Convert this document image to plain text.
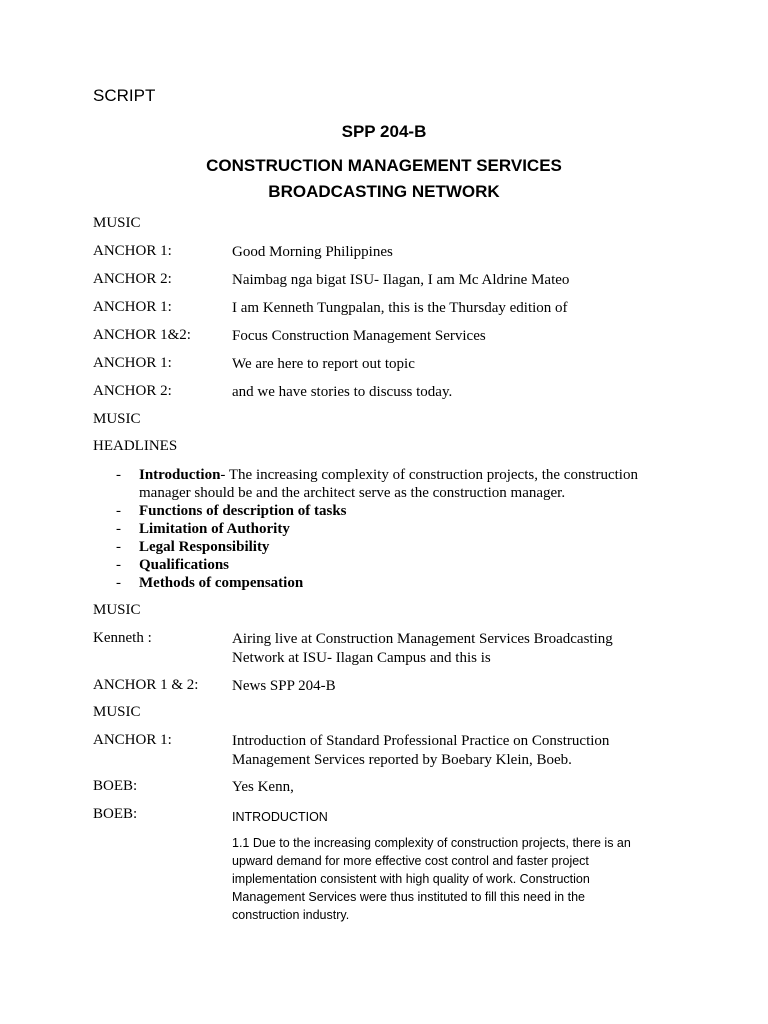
SCRIPT
SPP 204-B
CONSTRUCTION MANAGEMENT SERVICES
BROADCASTING NETWORK
MUSIC
ANCHOR 1:	Good Morning Philippines
ANCHOR 2:	Naimbag nga bigat ISU- Ilagan, I am Mc Aldrine Mateo
ANCHOR 1:	I am Kenneth Tungpalan, this is the Thursday edition of
ANCHOR 1&2:	Focus Construction Management Services
ANCHOR 1:	We are here to report out topic
ANCHOR 2:	and we have stories to discuss today.
MUSIC
HEADLINES
- Introduction- The increasing complexity of construction projects, the construction manager should be and the architect serve as the construction manager.
- Functions of description of tasks
- Limitation of Authority
- Legal Responsibility
- Qualifications
- Methods of compensation
MUSIC
Kenneth :	Airing live at Construction Management Services Broadcasting Network at ISU- Ilagan Campus and this is
ANCHOR 1 & 2: News SPP 204-B
MUSIC
ANCHOR 1:	Introduction of Standard Professional Practice on Construction Management Services reported by Boebary Klein, Boeb.
BOEB:	Yes Kenn,
BOEB:	INTRODUCTION
1.1 Due to the increasing complexity of construction projects, there is an upward demand for more effective cost control and faster project implementation consistent with high quality of work. Construction Management Services were thus instituted to fill this need in the construction industry.
